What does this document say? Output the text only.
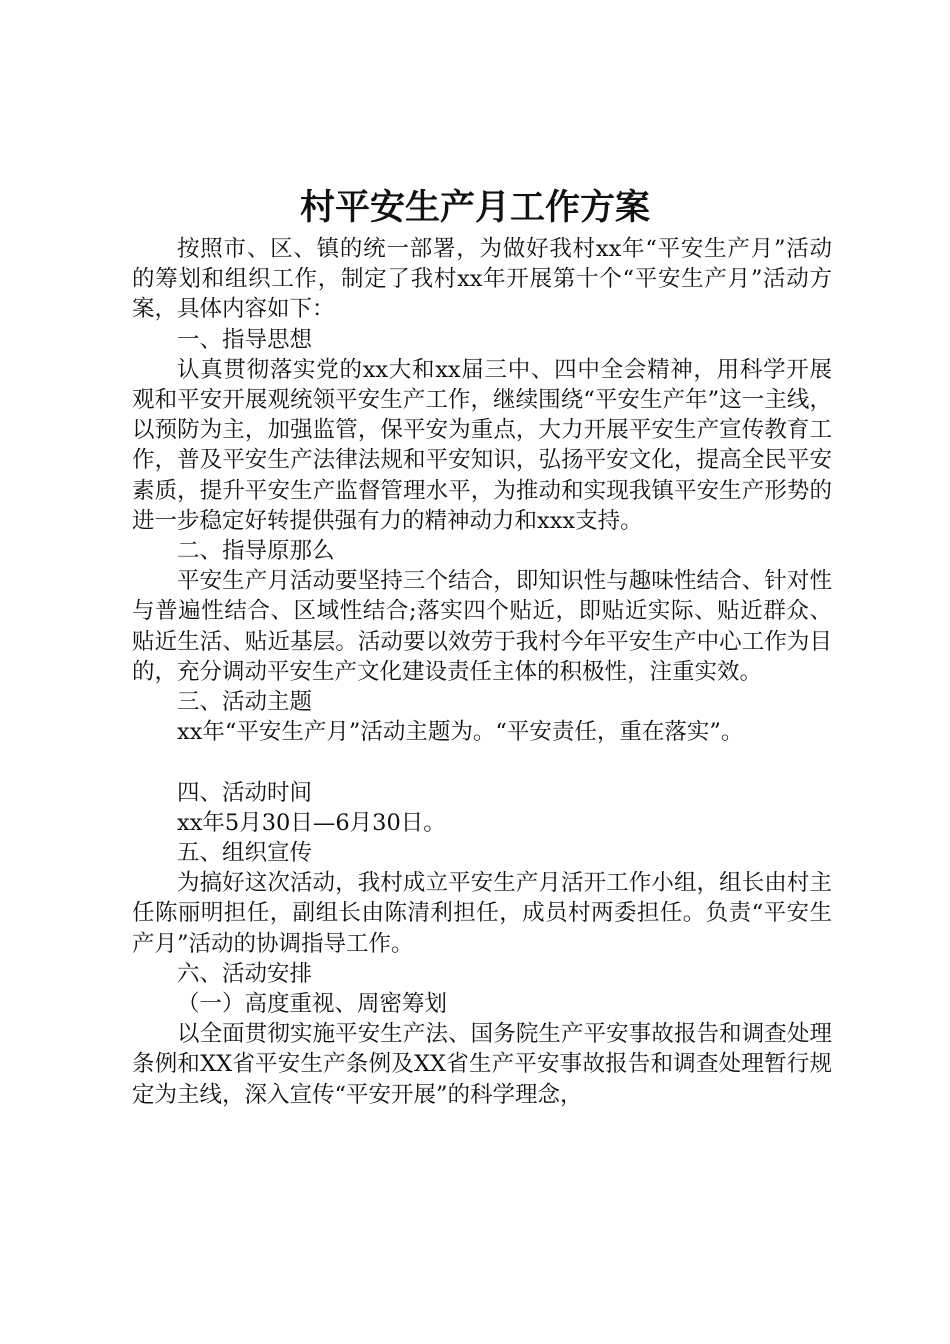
村平安生产月工作方案

按照市、区、镇的统一部署，为做好我村xx年“平安生产月”活动的筹划和组织工作，制定了我村xx年开展第十个“平安生产月”活动方案，具体内容如下：

一、指导思想

认真贯彻落实党的xx大和xx届三中、四中全会精神，用科学开展观和平安开展观统领平安生产工作，继续围绕“平安生产年”这一主线，以预防为主，加强监管，保平安为重点，大力开展平安生产宣传教育工作，普及平安生产法律法规和平安知识，弘扬平安文化，提高全民平安素质，提升平安生产监督管理水平，为推动和实现我镇平安生产形势的进一步稳定好转提供强有力的精神动力和xxx支持。

二、指导原那么

平安生产月活动要坚持三个结合，即知识性与趣味性结合、针对性与普遍性结合、区域性结合;落实四个贴近，即贴近实际、贴近群众、贴近生活、贴近基层。活动要以效劳于我村今年平安生产中心工作为目的，充分调动平安生产文化建设责任主体的积极性，注重实效。

三、活动主题

xx年“平安生产月”活动主题为。“平安责任，重在落实”。

四、活动时间

xx年5月30日—6月30日。

五、组织宣传

为搞好这次活动，我村成立平安生产月活开工作小组，组长由村主任陈丽明担任，副组长由陈清利担任，成员村两委担任。负责“平安生产月”活动的协调指导工作。

六、活动安排

（一）高度重视、周密筹划

以全面贯彻实施平安生产法、国务院生产平安事故报告和调查处理条例和XX省平安生产条例及XX省生产平安事故报告和调查处理暂行规定为主线，深入宣传“平安开展”的科学理念，
